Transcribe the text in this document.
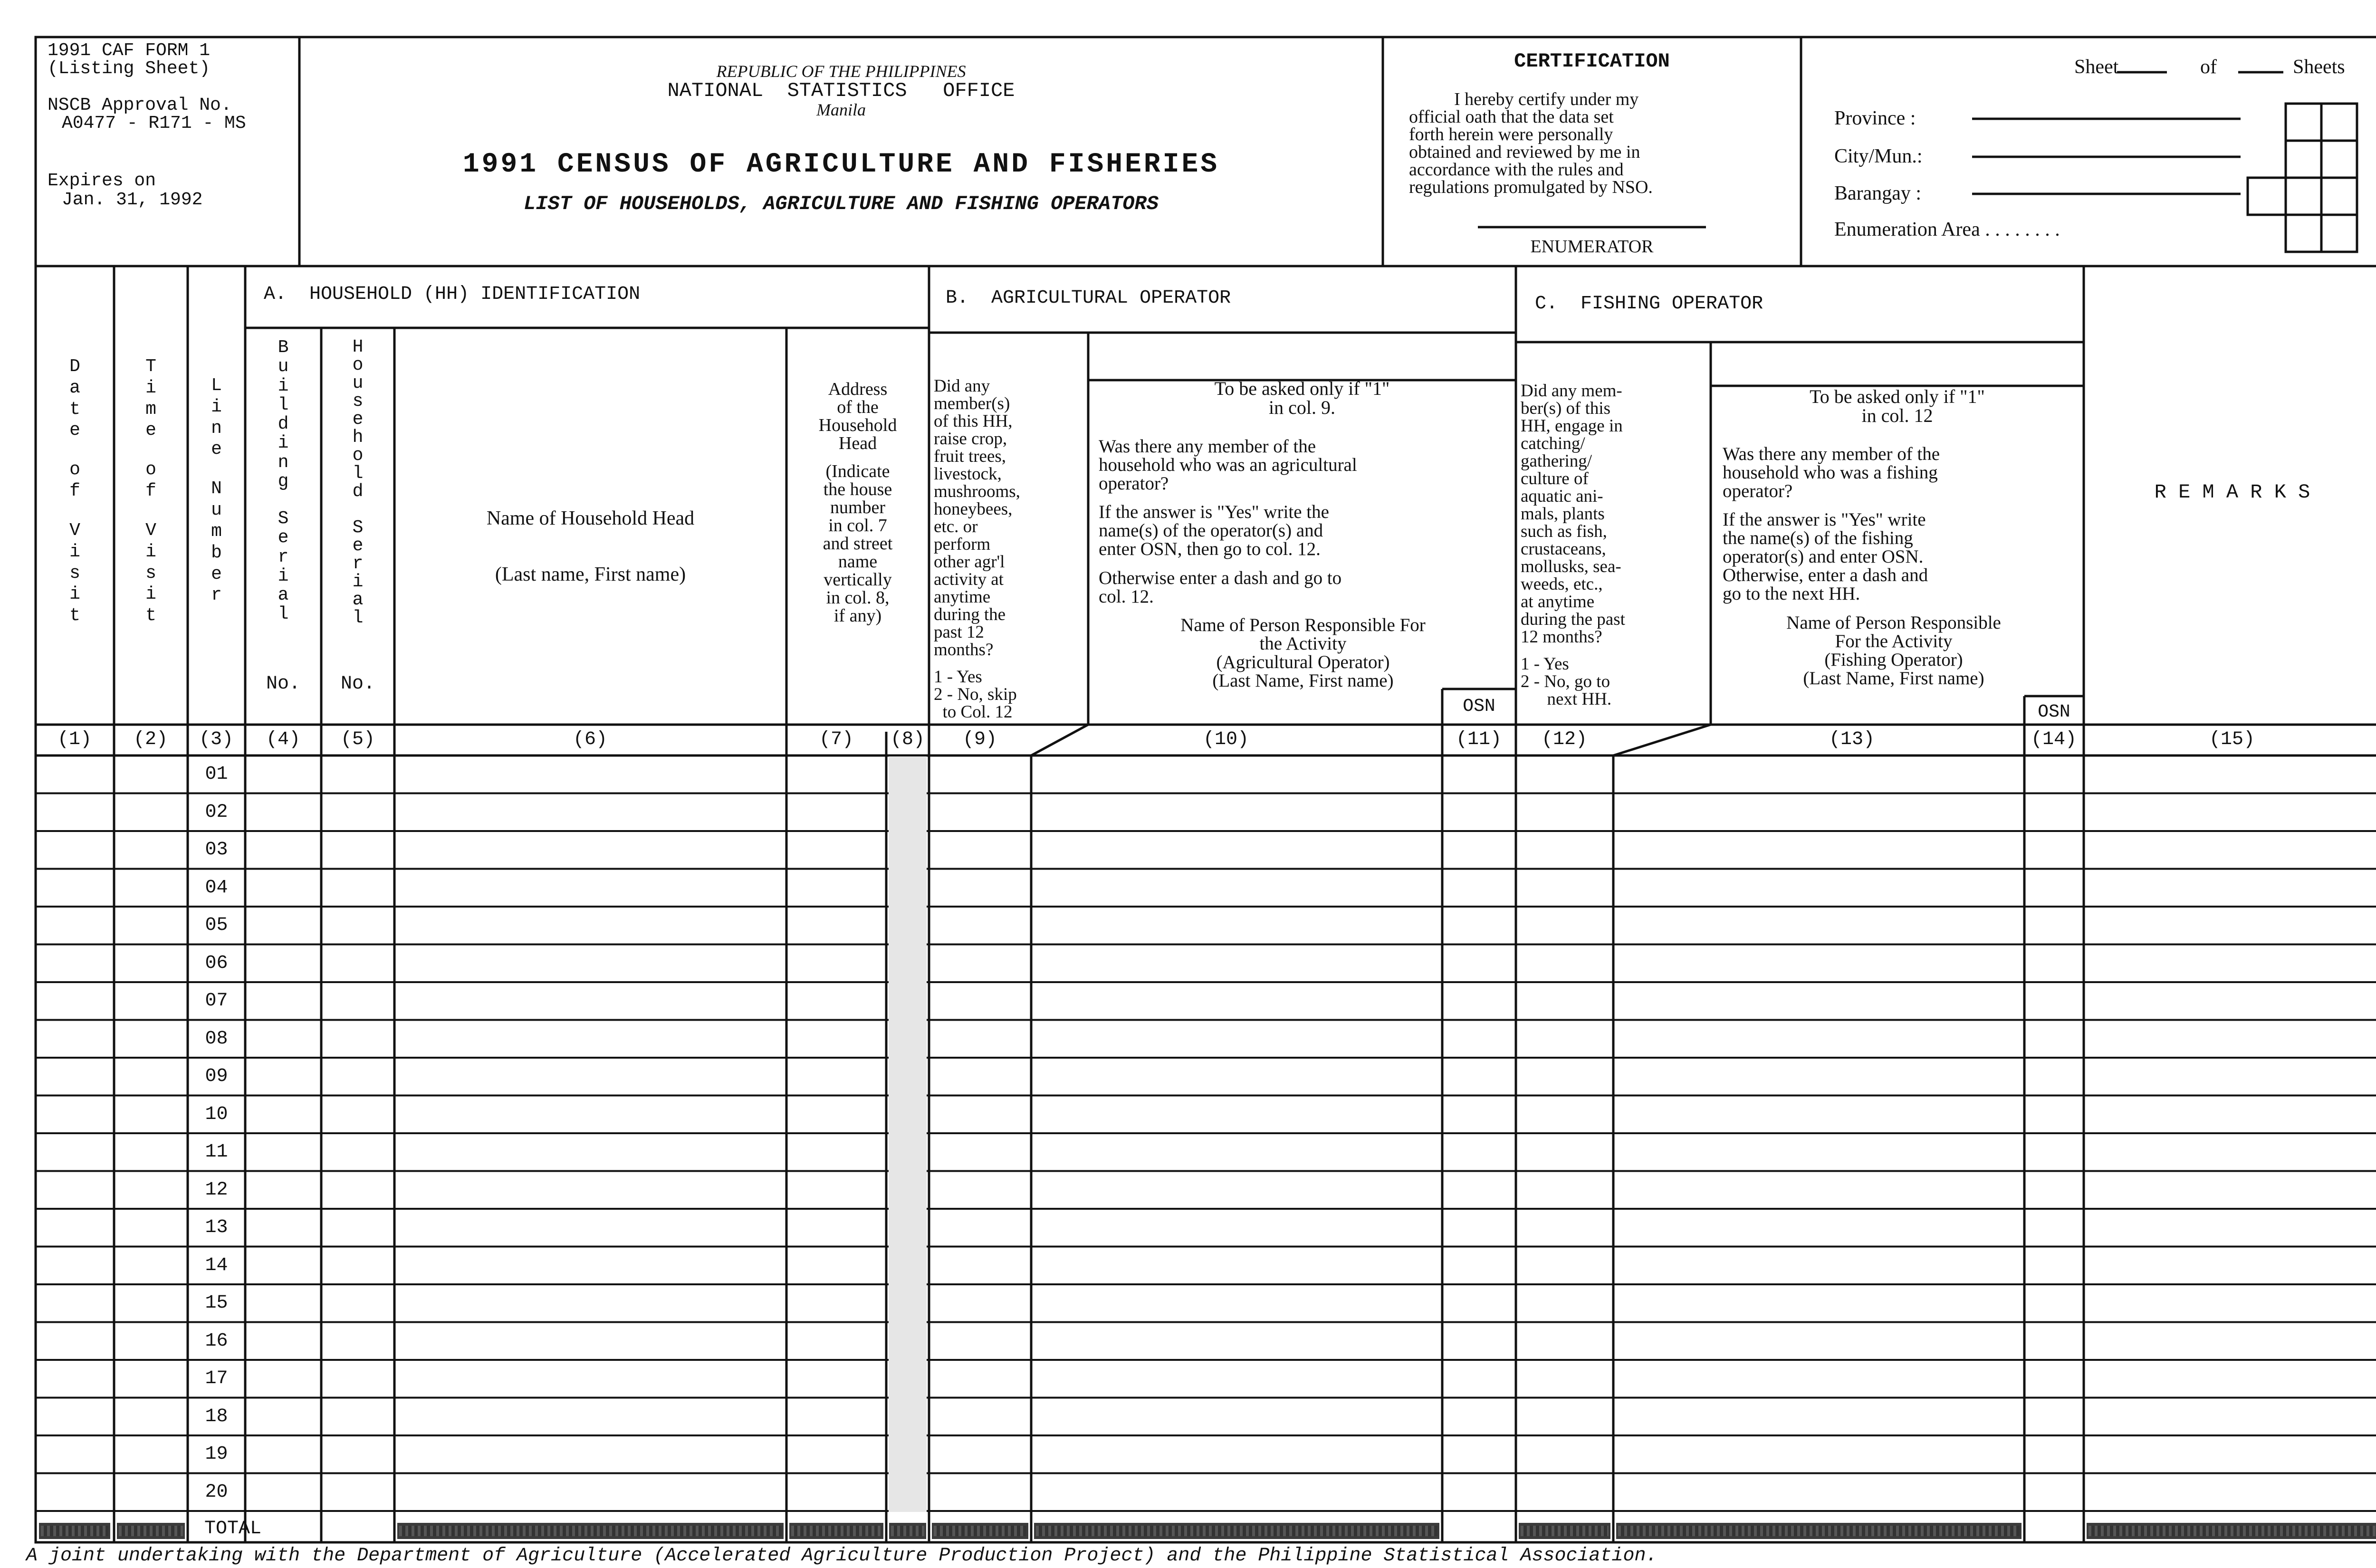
1991 CAF FORM 1
(Listing Sheet)
NSCB Approval No.
A0477 - R171 - MS
Expires on
Jan. 31, 1992
REPUBLIC OF THE PHILIPPINES
NATIONAL  STATISTICS   OFFICE
Manila
1991 CENSUS OF AGRICULTURE AND FISHERIES
LIST OF HOUSEHOLDS, AGRICULTURE AND FISHING OPERATORS
CERTIFICATION
I hereby certify under my
official oath that the data set
forth herein were personally
obtained and reviewed by me in
accordance with the rules and
regulations promulgated by NSO.
ENUMERATOR
Sheet	of	Sheets
Province :
City/Mun.:
Barangay :
Enumeration Area . . . . . . . .
A.  HOUSEHOLD (HH) IDENTIFICATION	B.  AGRICULTURAL OPERATOR	C.  FISHING OPERATOR
D
a
t
e
o
f
V
i
s
i
t
T
i
m
e
o
f
V
i
s
i
t
L
i
n
e
N
u
m
b
e
r
B
u
i
l
d
i
n
g
S
e
r
i
a
l
H
o
u
s
e
h
o
l
d
S
e
r
i
a
l
No.	No.
Name of Household Head
(Last name, First name)
Address
of the
Household
Head

(Indicate
the house
number
in col. 7
and street
name
vertically
in col. 8,
if any)

Did any
member(s)
of this HH,
raise crop,
fruit trees,
livestock,
mushrooms,
honeybees,
etc. or
perform
other agr'l
activity at
anytime
during the
past 12
months?

1 - Yes
2 - No, skip
to Col. 12

To be asked only if "1"
in col. 9.

Was there any member of the
household who was an agricultural
operator?

If the answer is "Yes" write the
name(s) of the operator(s) and
enter OSN, then go to col. 12.

Otherwise enter a dash and go to
col. 12.

Name of Person Responsible For
the Activity
(Agricultural Operator)
(Last Name, First name)

OSN

Did any mem-
ber(s) of this
HH, engage in
catching/
gathering/
culture of
aquatic ani-
mals, plants
such as fish,
crustaceans,
mollusks, sea-
weeds, etc.,
at anytime
during the past
12 months?

1 - Yes
2 - No, go to
next HH.

To be asked only if "1"
in col. 12

Was there any member of the
household who was a fishing
operator?

If the answer is "Yes" write
the name(s) of the fishing
operator(s) and enter OSN.
Otherwise, enter a dash and
go to the next HH.

Name of Person Responsible
For the Activity
(Fishing Operator)
(Last Name, First name)

OSN
R E M A R K S
(1)	(2)	(3)	(4)	(5)	(6)	(7)	(8)	(9)	(10)	(11)	(12)	(13)	(14)	(15)
01
02
03
04
05
06
07
08
09
10
11
12
13
14
15
16
17
18
19
20
TOTAL
A joint undertaking with the Department of Agriculture (Accelerated Agriculture Production Project) and the Philippine Statistical Association.
